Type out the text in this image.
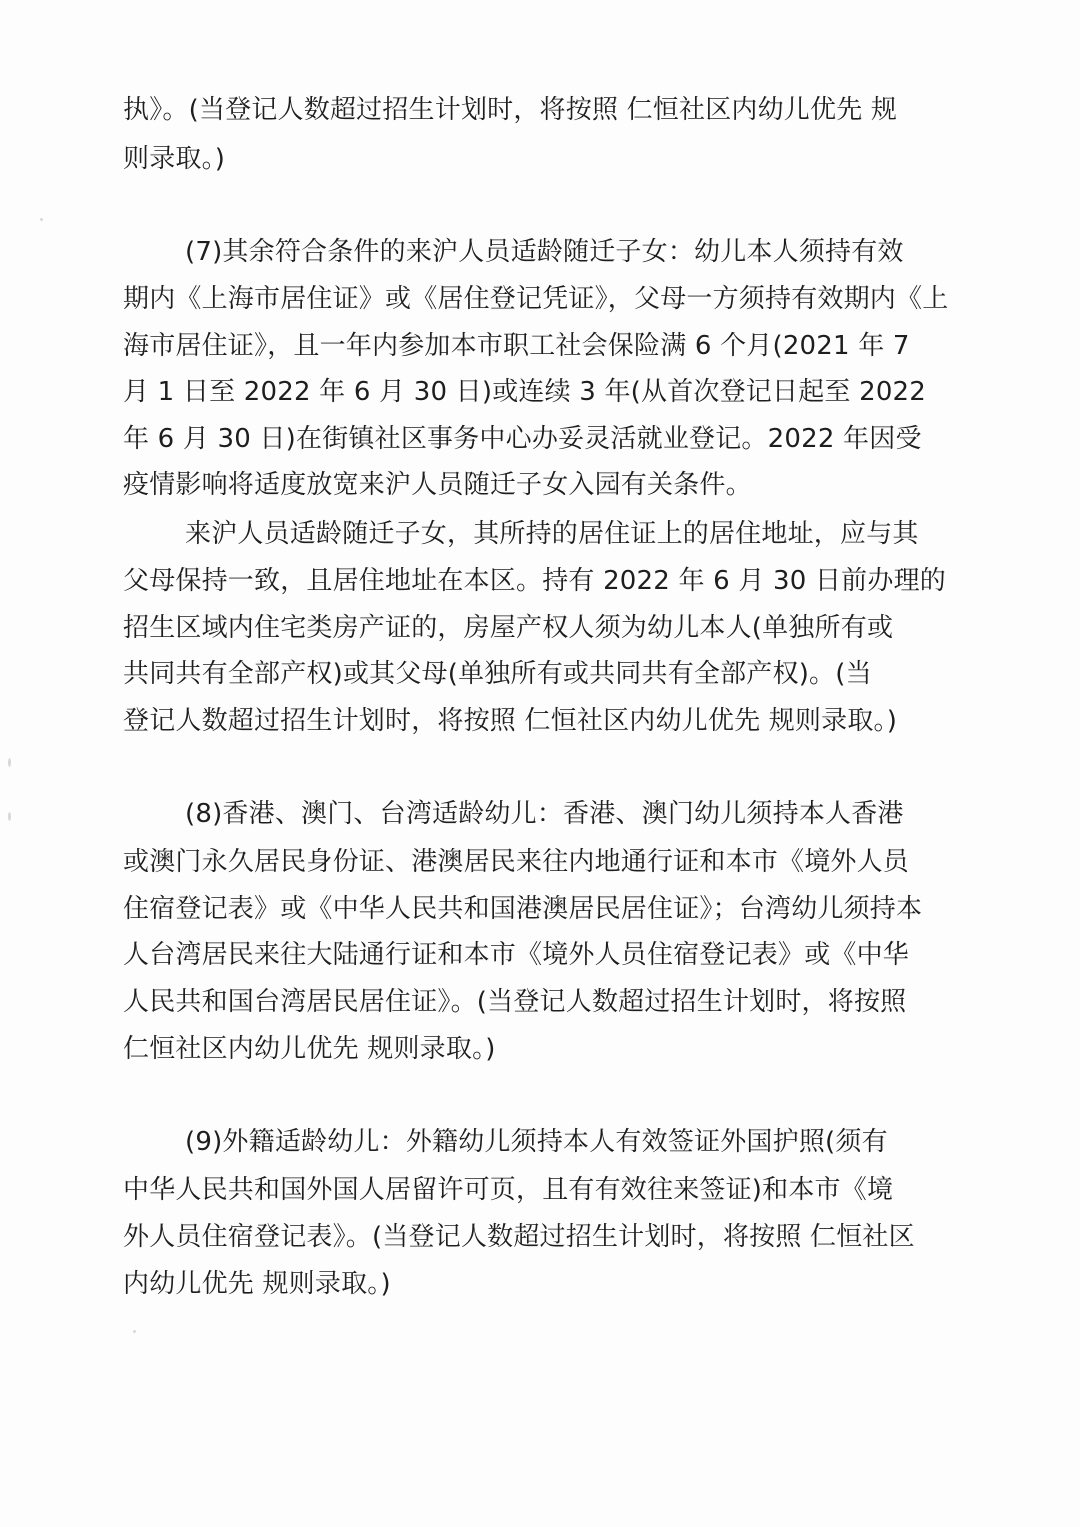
执》。(当登记人数超过招生计划时，将按照 仁恒社区内幼儿优先 规
则录取。)
(7)其余符合条件的来沪人员适龄随迁子女：幼儿本人须持有效
期内《上海市居住证》或《居住登记凭证》，父母一方须持有效期内《上
海市居住证》，且一年内参加本市职工社会保险满 6 个月(2021 年 7
月 1 日至 2022 年 6 月 30 日)或连续 3 年(从首次登记日起至 2022
年 6 月 30 日)在街镇社区事务中心办妥灵活就业登记。2022 年因受
疫情影响将适度放宽来沪人员随迁子女入园有关条件。
来沪人员适龄随迁子女，其所持的居住证上的居住地址，应与其
父母保持一致，且居住地址在本区。持有 2022 年 6 月 30 日前办理的
招生区域内住宅类房产证的，房屋产权人须为幼儿本人(单独所有或
共同共有全部产权)或其父母(单独所有或共同共有全部产权)。(当
登记人数超过招生计划时，将按照 仁恒社区内幼儿优先 规则录取。)
(8)香港、澳门、台湾适龄幼儿：香港、澳门幼儿须持本人香港
或澳门永久居民身份证、港澳居民来往内地通行证和本市《境外人员
住宿登记表》或《中华人民共和国港澳居民居住证》；台湾幼儿须持本
人台湾居民来往大陆通行证和本市《境外人员住宿登记表》或《中华
人民共和国台湾居民居住证》。(当登记人数超过招生计划时，将按照
仁恒社区内幼儿优先 规则录取。)
(9)外籍适龄幼儿：外籍幼儿须持本人有效签证外国护照(须有
中华人民共和国外国人居留许可页，且有有效往来签证)和本市《境
外人员住宿登记表》。(当登记人数超过招生计划时，将按照 仁恒社区
内幼儿优先 规则录取。)
